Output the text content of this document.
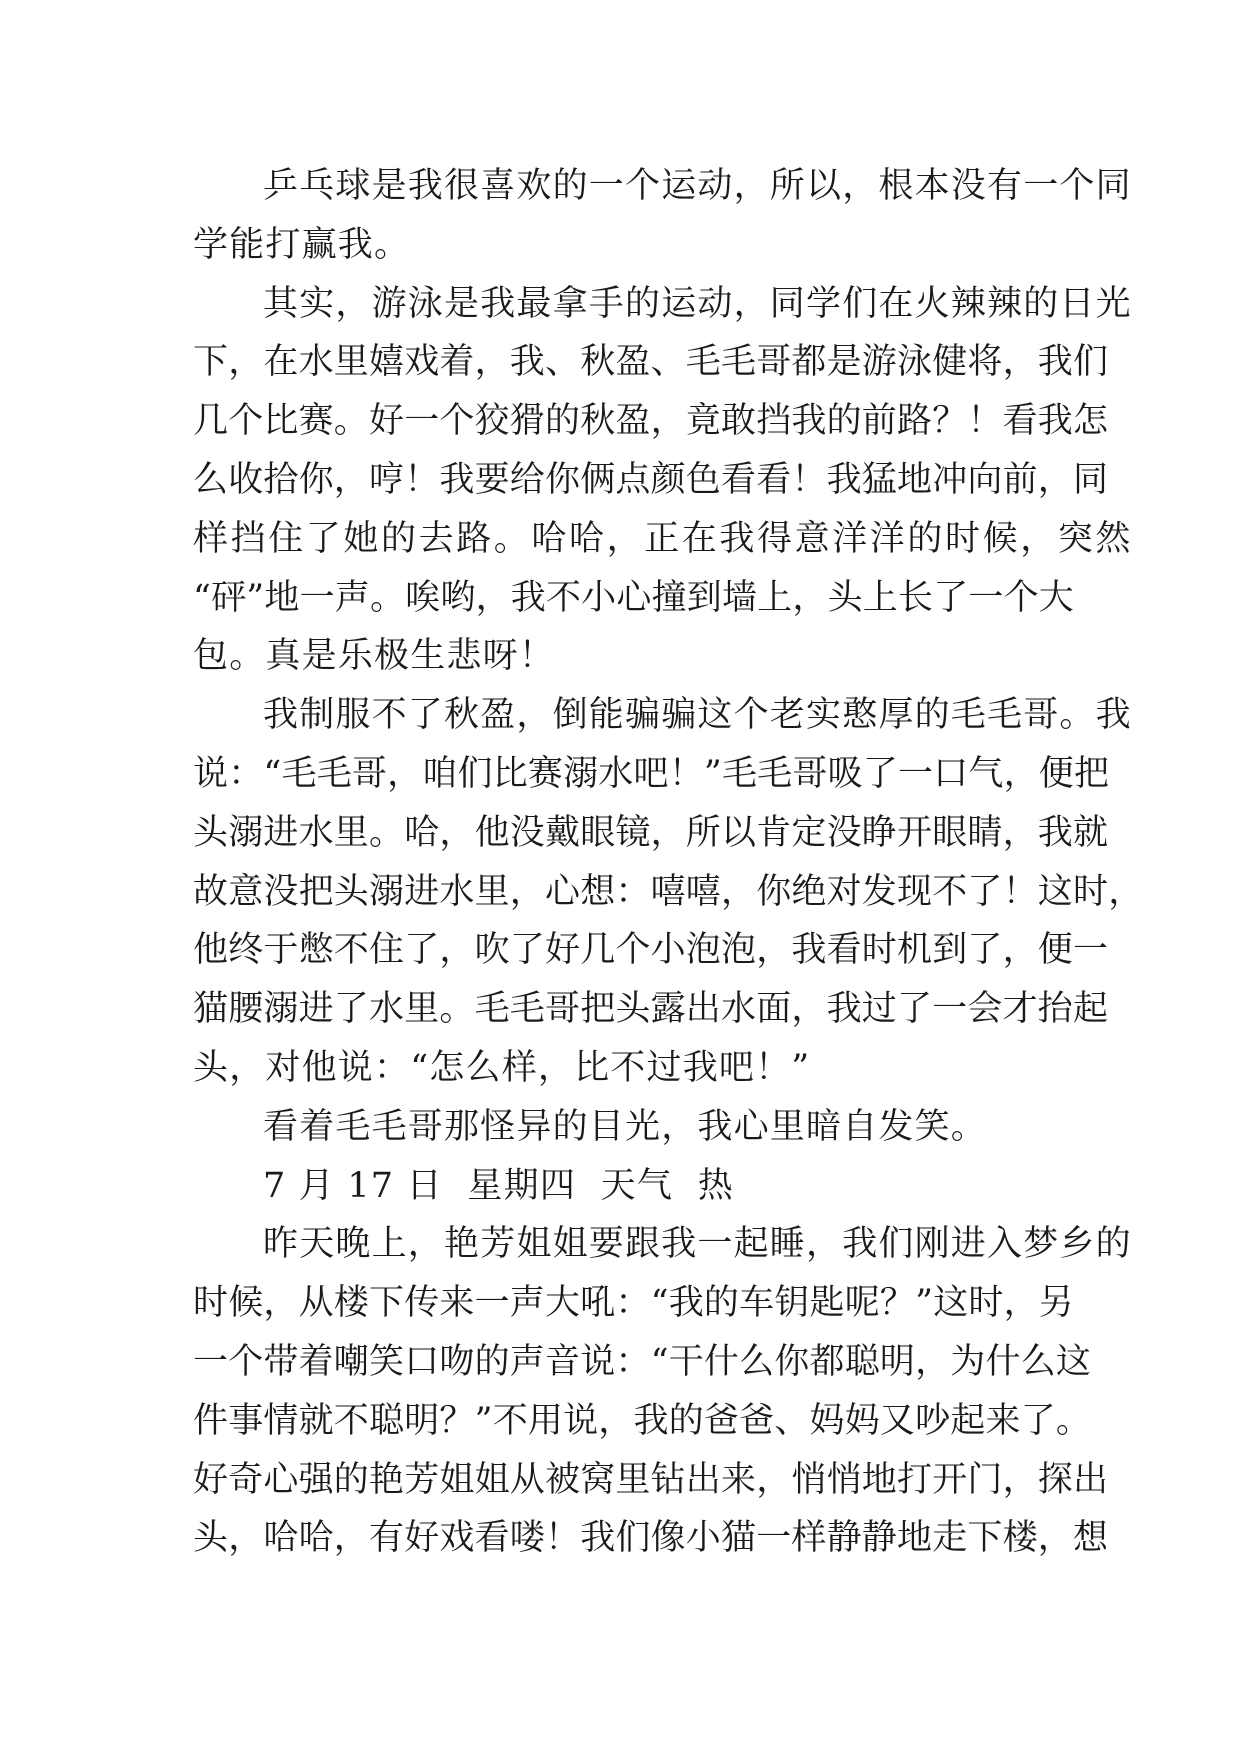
乒乓球是我很喜欢的一个运动，所以，根本没有一个同
学能打赢我。
其实，游泳是我最拿手的运动，同学们在火辣辣的日光
下，在水里嬉戏着，我、秋盈、毛毛哥都是游泳健将，我们
几个比赛。好一个狡猾的秋盈，竟敢挡我的前路？！看我怎
么收拾你，哼！我要给你俩点颜色看看！我猛地冲向前，同
样挡住了她的去路。哈哈，正在我得意洋洋的时候，突然
“砰”地一声。唉哟，我不小心撞到墙上，头上长了一个大
包。真是乐极生悲呀！
我制服不了秋盈，倒能骗骗这个老实憨厚的毛毛哥。我
说：“毛毛哥，咱们比赛溺水吧！”毛毛哥吸了一口气，便把
头溺进水里。哈，他没戴眼镜，所以肯定没睁开眼睛，我就
故意没把头溺进水里，心想：嘻嘻，你绝对发现不了！这时，
他终于憋不住了，吹了好几个小泡泡，我看时机到了，便一
猫腰溺进了水里。毛毛哥把头露出水面，我过了一会才抬起
头，对他说：“怎么样，比不过我吧！”
看着毛毛哥那怪异的目光，我心里暗自发笑。
7 月 17 日  星期四  天气  热
昨天晚上，艳芳姐姐要跟我一起睡，我们刚进入梦乡的
时候，从楼下传来一声大吼：“我的车钥匙呢？”这时，另
一个带着嘲笑口吻的声音说：“干什么你都聪明，为什么这
件事情就不聪明？”不用说，我的爸爸、妈妈又吵起来了。
好奇心强的艳芳姐姐从被窝里钻出来，悄悄地打开门，探出
头，哈哈，有好戏看喽！我们像小猫一样静静地走下楼，想
